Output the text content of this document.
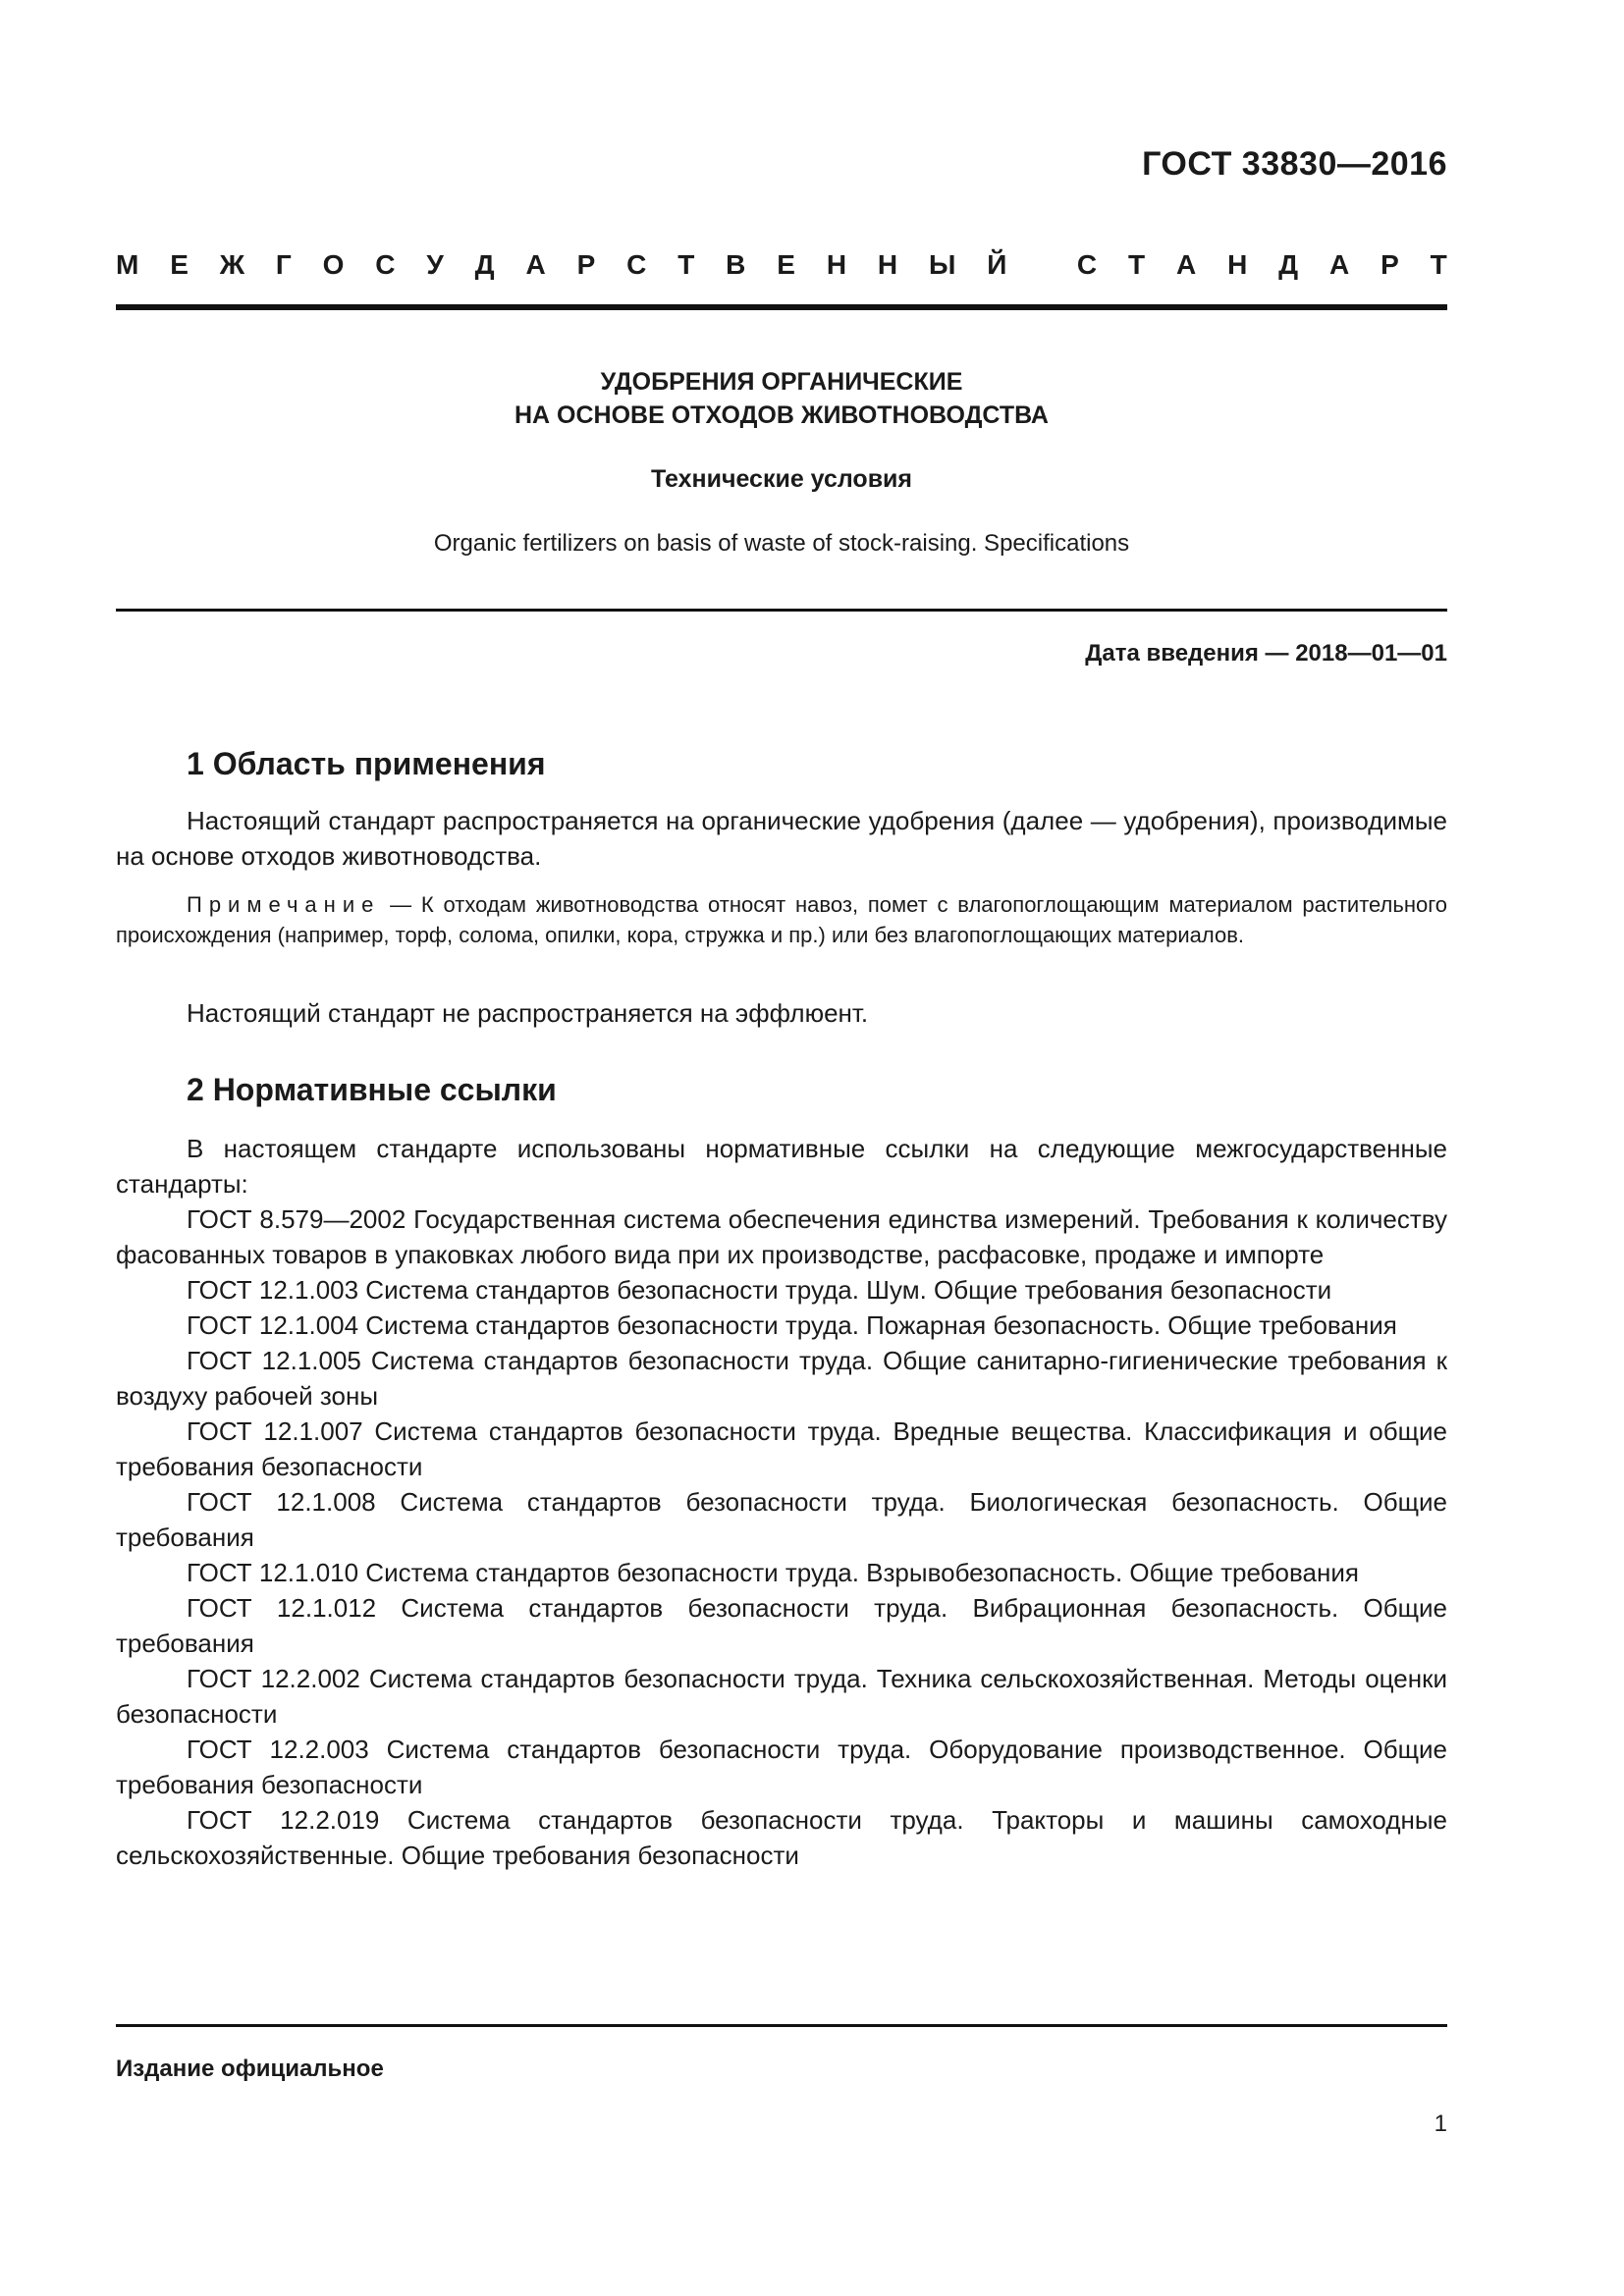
ГОСТ 33830—2016
М Е Ж Г О С У Д А Р С Т В Е Н Н Ы Й
	С Т А Н Д А Р Т
УДОБРЕНИЯ ОРГАНИЧЕСКИЕ
НА ОСНОВЕ ОТХОДОВ ЖИВОТНОВОДСТВА
Технические условия
Organic fertilizers on basis of waste of stock-raising. Specifications
Дата введения — 2018—01—01
1 Область применения
Настоящий стандарт распространяется на органические удобрения (далее — удобрения), производимые на основе отходов животноводства.
Примечание — К отходам животноводства относят навоз, помет с влагопоглощающим материалом растительного происхождения (например, торф, солома, опилки, кора, стружка и пр.) или без влагопоглощающих материалов.
Настоящий стандарт не распространяется на эффлюент.
2 Нормативные ссылки

В настоящем стандарте использованы нормативные ссылки на следующие межгосударственные стандарты:

ГОСТ 8.579—2002 Государственная система обеспечения единства измерений. Требования к количеству фасованных товаров в упаковках любого вида при их производстве, расфасовке, продаже и импорте

ГОСТ 12.1.003 Система стандартов безопасности труда. Шум. Общие требования безопасности

ГОСТ 12.1.004 Система стандартов безопасности труда. Пожарная безопасность. Общие требования

ГОСТ 12.1.005 Система стандартов безопасности труда. Общие санитарно-гигиенические требования к воздуху рабочей зоны

ГОСТ 12.1.007 Система стандартов безопасности труда. Вредные вещества. Классификация и общие требования безопасности

ГОСТ 12.1.008 Система стандартов безопасности труда. Биологическая безопасность. Общие требования

ГОСТ 12.1.010 Система стандартов безопасности труда. Взрывобезопасность. Общие требования

ГОСТ 12.1.012 Система стандартов безопасности труда. Вибрационная безопасность. Общие требования

ГОСТ 12.2.002 Система стандартов безопасности труда. Техника сельскохозяйственная. Методы оценки безопасности

ГОСТ 12.2.003 Система стандартов безопасности труда. Оборудование производственное. Общие требования безопасности

ГОСТ 12.2.019 Система стандартов безопасности труда. Тракторы и машины самоходные сельскохозяйственные. Общие требования безопасности

Издание официальное
1
